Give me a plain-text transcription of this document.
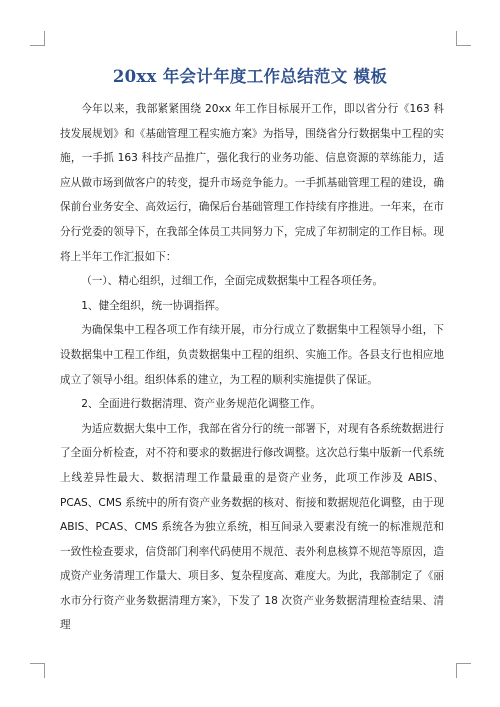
20xx 年会计年度工作总结范文 模板

今年以来，我部紧紧围绕 20xx 年工作目标展开工作，即以省分行《163 科技发展规划》和《基础管理工程实施方案》为指导，围绕省分行数据集中工程的实施，一手抓 163 科技产品推广，强化我行的业务功能、信息资源的萃练能力，适应从做市场到做客户的转变，提升市场竞争能力。一手抓基础管理工程的建设，确保前台业务安全、高效运行，确保后台基础管理工作持续有序推进。一年来，在市分行党委的领导下，在我部全体员工共同努力下，完成了年初制定的工作目标。现将上半年工作汇报如下：

（一）、精心组织，过细工作，全面完成数据集中工程各项任务。

1、健全组织，统一协调指挥。

为确保集中工程各项工作有续开展，市分行成立了数据集中工程领导小组，下设数据集中工程工作组，负责数据集中工程的组织、实施工作。各县支行也相应地成立了领导小组。组织体系的建立，为工程的顺利实施提供了保证。

2、全面进行数据清理、资产业务规范化调整工作。

为适应数据大集中工作，我部在省分行的统一部署下，对现有各系统数据进行了全面分析检查，对不符和要求的数据进行修改调整。这次总行集中版新一代系统上线差异性最大、数据清理工作量最重的是资产业务，此项工作涉及 ABIS、PCAS、CMS 系统中的所有资产业务数据的核对、衔接和数据规范化调整，由于现 ABIS、PCAS、CMS 系统各为独立系统，相互间录入要素没有统一的标准规范和一致性检查要求，信贷部门利率代码使用不规范、表外利息核算不规范等原因，造成资产业务清理工作量大、项目多、复杂程度高、难度大。为此，我部制定了《丽水市分行资产业务数据清理方案》，下发了 18 次资产业务数据清理检查结果、清理
